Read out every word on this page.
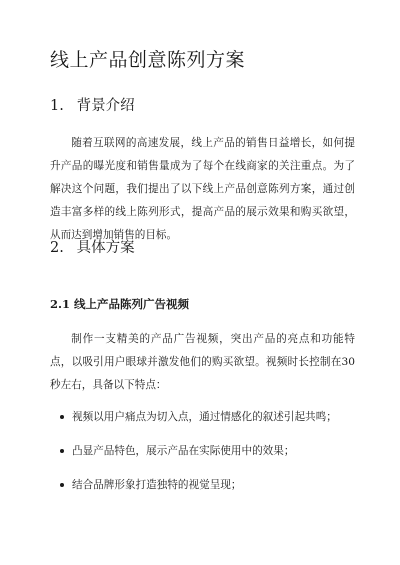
线上产品创意陈列方案
1. 背景介绍

随着互联网的高速发展，线上产品的销售日益增长，如何提升产品的曝光度和销售量成为了每个在线商家的关注重点。为了解决这个问题，我们提出了以下线上产品创意陈列方案，通过创造丰富多样的线上陈列形式，提高产品的展示效果和购买欲望，从而达到增加销售的目标。

2. 具体方案
2.1 线上产品陈列广告视频

制作一支精美的产品广告视频，突出产品的亮点和功能特点，以吸引用户眼球并激发他们的购买欲望。视频时长控制在30秒左右，具备以下特点：

视频以用户痛点为切入点，通过情感化的叙述引起共鸣；
凸显产品特色，展示产品在实际使用中的效果；
结合品牌形象打造独特的视觉呈现；
